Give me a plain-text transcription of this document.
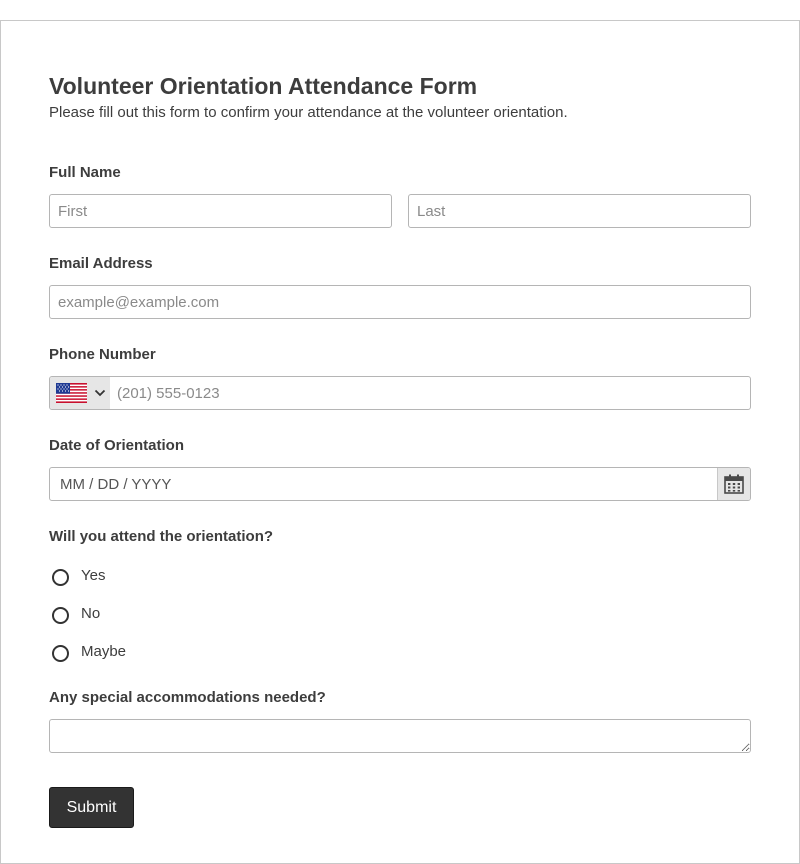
Volunteer Orientation Attendance Form

Please fill out this form to confirm your attendance at the volunteer orientation.

Full Name
First
Last
Email Address
example@example.com
Phone Number
(201) 555-0123
Date of Orientation
MM / DD / YYYY
Will you attend the orientation?
Yes
No
Maybe
Any special accommodations needed?
Submit
